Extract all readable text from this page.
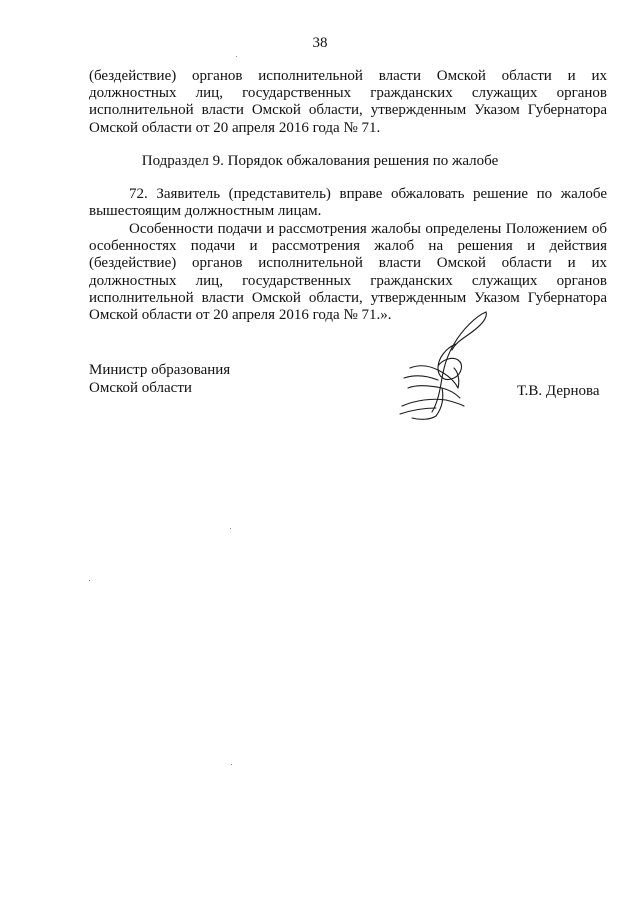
38

(бездействие) органов исполнительной власти Омской области и их должностных лиц, государственных гражданских служащих органов исполнительной власти Омской области, утвержденным Указом Губернатора Омской области от 20 апреля 2016 года № 71.

Подраздел 9. Порядок обжалования решения по жалобе

72. Заявитель (представитель) вправе обжаловать решение по жалобе вышестоящим должностным лицам.

Особенности подачи и рассмотрения жалобы определены Положением об особенностях подачи и рассмотрения жалоб на решения и действия (бездействие) органов исполнительной власти Омской области и их должностных лиц, государственных гражданских служащих органов исполнительной власти Омской области, утвержденным Указом Губернатора Омской области от 20 апреля 2016 года № 71.».

Министр образования
Омской области	Т.В. Дернова
